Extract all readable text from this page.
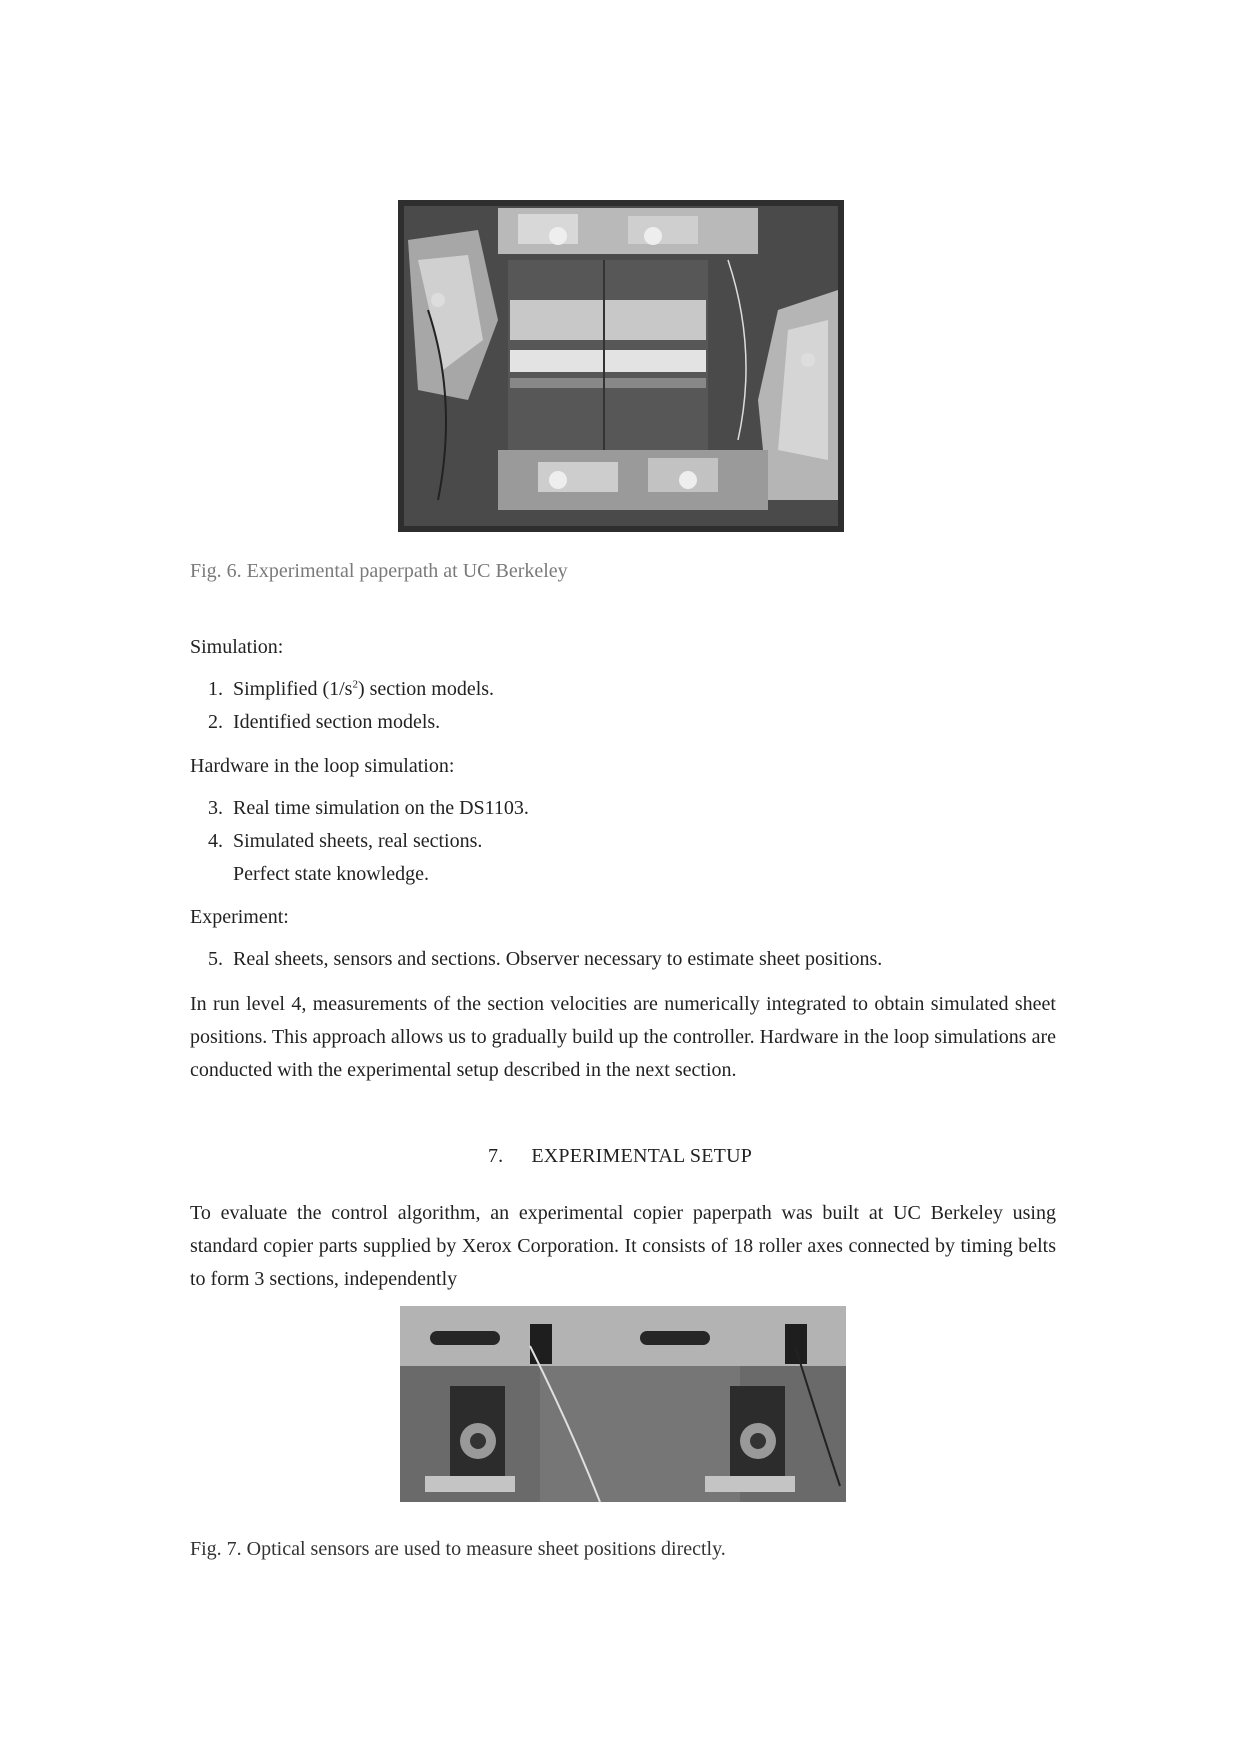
Fig. 6. Experimental paperpath at UC Berkeley
Simulation:
1. Simplified $(1/s^2)$ section models.
2. Identified section models.
Hardware in the loop simulation:
3. Real time simulation on the DS1103.
4. Simulated sheets, real sections.
Perfect state knowledge.
Experiment:
5. Real sheets, sensors and sections. Observer necessary to estimate sheet positions.
In run level 4, measurements of the section velocities are numerically integrated to obtain simulated sheet positions. This approach allows us to gradually build up the controller. Hardware in the loop simulations are conducted with the experimental setup described in the next section.
7. EXPERIMENTAL SETUP
To evaluate the control algorithm, an experimental copier paperpath was built at UC Berkeley using standard copier parts supplied by Xerox Corporation. It consists of 18 roller axes connected by timing belts to form 3 sections, independently
Fig. 7. Optical sensors are used to measure sheet positions directly.
